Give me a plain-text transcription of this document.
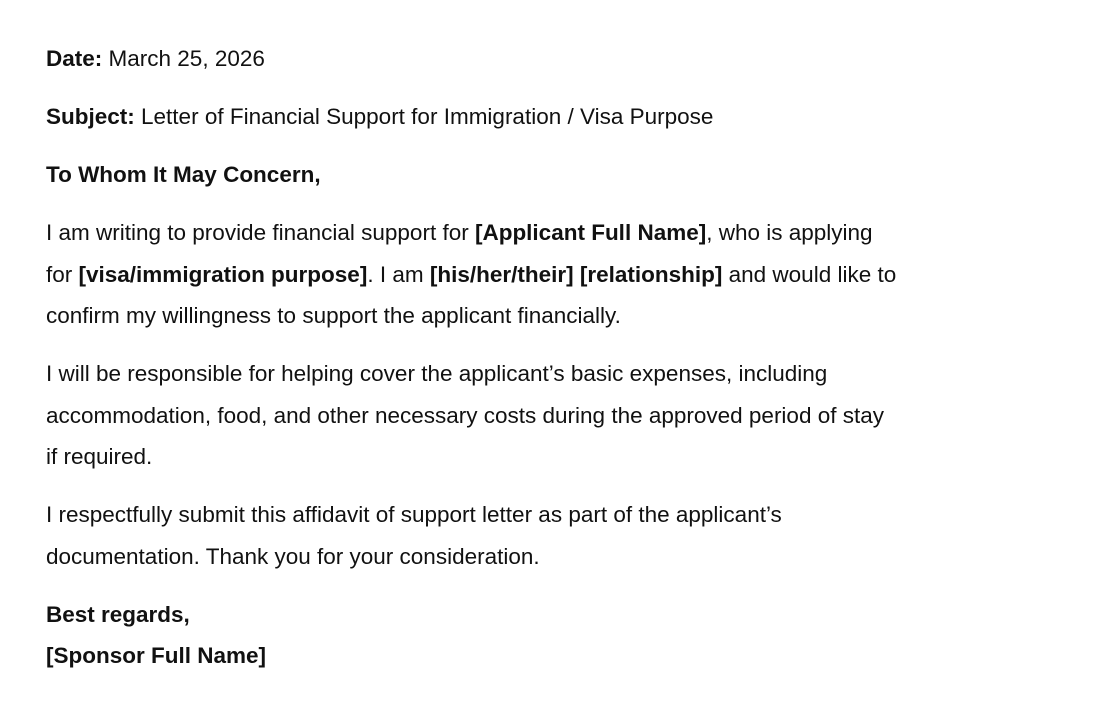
Date: March 25, 2026
Subject: Letter of Financial Support for Immigration / Visa Purpose
To Whom It May Concern,
I am writing to provide financial support for [Applicant Full Name], who is applying
for [visa/immigration purpose]. I am [his/her/their] [relationship] and would like to
confirm my willingness to support the applicant financially.
I will be responsible for helping cover the applicant’s basic expenses, including
accommodation, food, and other necessary costs during the approved period of stay
if required.
I respectfully submit this affidavit of support letter as part of the applicant’s
documentation. Thank you for your consideration.
Best regards,
[Sponsor Full Name]
